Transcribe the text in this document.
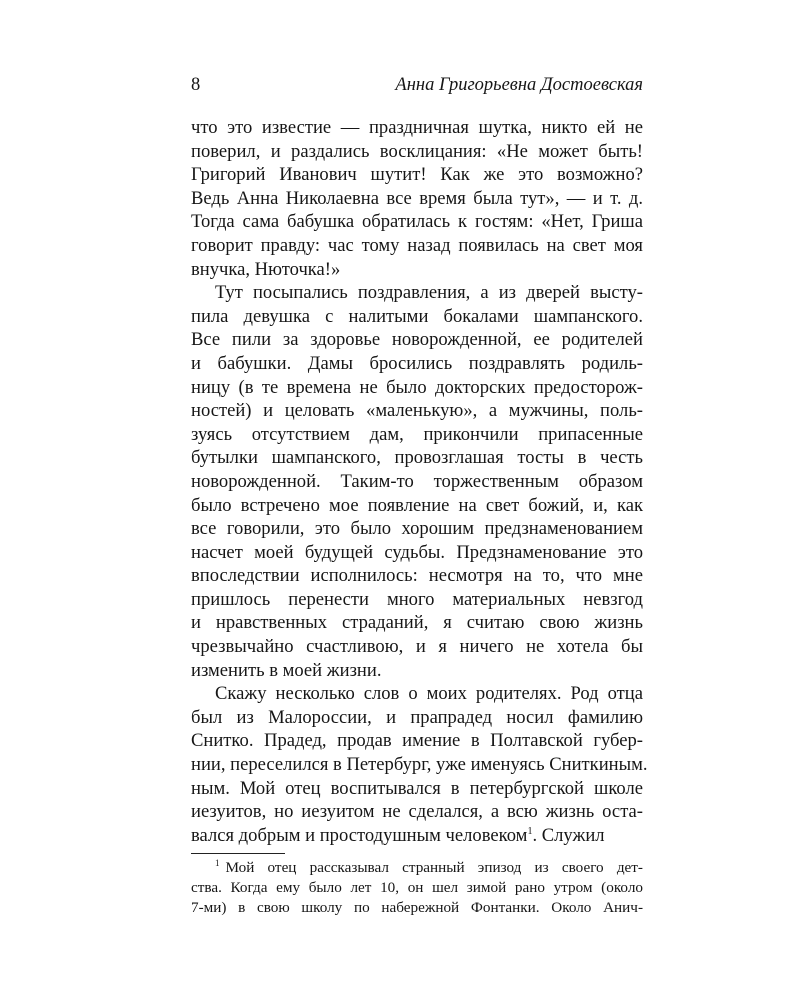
8	Анна Григорьевна Достоевская
что это известие — праздничная шутка, никто ей не
поверил, и раздались восклицания: «Не может быть!
Григорий Иванович шутит! Как же это возможно?
Ведь Анна Николаевна все время была тут», — и т. д.
Тогда сама бабушка обратилась к гостям: «Нет, Гриша
говорит правду: час тому назад появилась на свет моя
внучка, Нюточка!»
Тут посыпались поздравления, а из дверей высту-
пила девушка с налитыми бокалами шампанского.
Все пили за здоровье новорожденной, ее родителей
и бабушки. Дамы бросились поздравлять родиль-
ницу (в те времена не было докторских предосторож-
ностей) и целовать «маленькую», а мужчины, поль-
зуясь отсутствием дам, прикончили припасенные
бутылки шампанского, провозглашая тосты в честь
новорожденной. Таким-то торжественным образом
было встречено мое появление на свет божий, и, как
все говорили, это было хорошим предзнаменованием
насчет моей будущей судьбы. Предзнаменование это
впоследствии исполнилось: несмотря на то, что мне
пришлось перенести много материальных невзгод
и нравственных страданий, я считаю свою жизнь
чрезвычайно счастливою, и я ничего не хотела бы
изменить в моей жизни.
Скажу несколько слов о моих родителях. Род отца
был из Малороссии, и прапрадед носил фамилию
Снитко. Прадед, продав имение в Полтавской губер-
нии, переселился в Петербург, уже именуясь Сниткиным.
ным. Мой отец воспитывался в петербургской школе
иезуитов, но иезуитом не сделался, а всю жизнь оста-
вался добрым и простодушным человеком$^1$. Служил
$^1$ Мой отец рассказывал странный эпизод из своего дет-
ства. Когда ему было лет 10, он шел зимой рано утром (около
7-ми) в свою школу по набережной Фонтанки. Около Анич-
